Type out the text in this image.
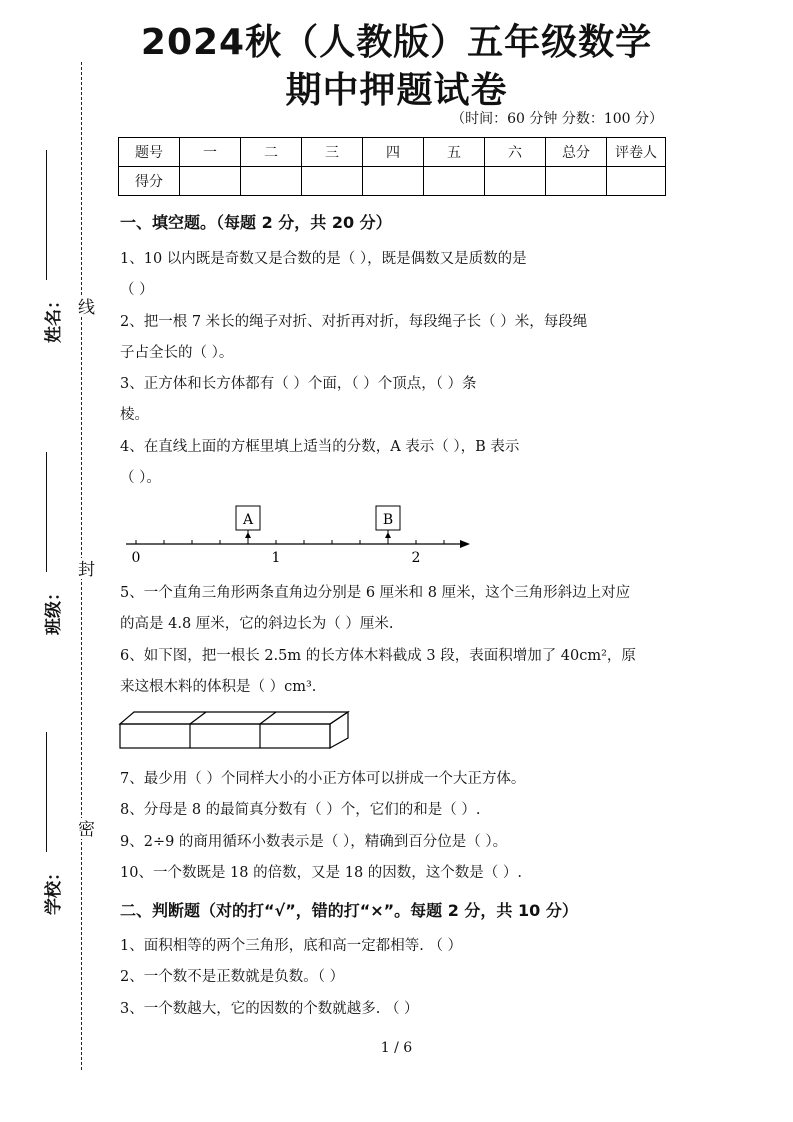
线
封
密
姓名：
班级：
学校：
2024秋（人教版）五年级数学
期中押题试卷
（时间：60 分钟 分数：100 分）
题号	一	二	三	四	五	六	总分	评卷人
得分								
一、填空题。（每题 2 分，共 20 分）
1、10 以内既是奇数又是合数的是（ ），既是偶数又是质数的是
（ ）
2、把一根 7 米长的绳子对折、对折再对折，每段绳子长（ ）米，每段绳
子占全长的（ ）。
3、正方体和长方体都有（ ）个面，（ ）个顶点，（ ）条
棱。
4、在直线上面的方框里填上适当的分数，A 表示（ ），B 表示
（ ）。
A	B
0	1	2
5、一个直角三角形两条直角边分别是 6 厘米和 8 厘米，这个三角形斜边上对应
的高是 4.8 厘米，它的斜边长为（ ）厘米.
6、如下图，把一根长 2.5m 的长方体木料截成 3 段，表面积增加了 40cm²，原
来这根木料的体积是（ ）cm³.
7、最少用（ ）个同样大小的小正方体可以拼成一个大正方体。
8、分母是 8 的最简真分数有（ ）个，它们的和是（ ）.
9、2÷9 的商用循环小数表示是（ ），精确到百分位是（ ）。
10、一个数既是 18 的倍数，又是 18 的因数，这个数是（ ）.
二、判断题（对的打“√”，错的打“×”。每题 2 分，共 10 分）
1、面积相等的两个三角形，底和高一定都相等. （ ）
2、一个数不是正数就是负数。（ ）
3、一个数越大，它的因数的个数就越多. （ ）
1 / 6
